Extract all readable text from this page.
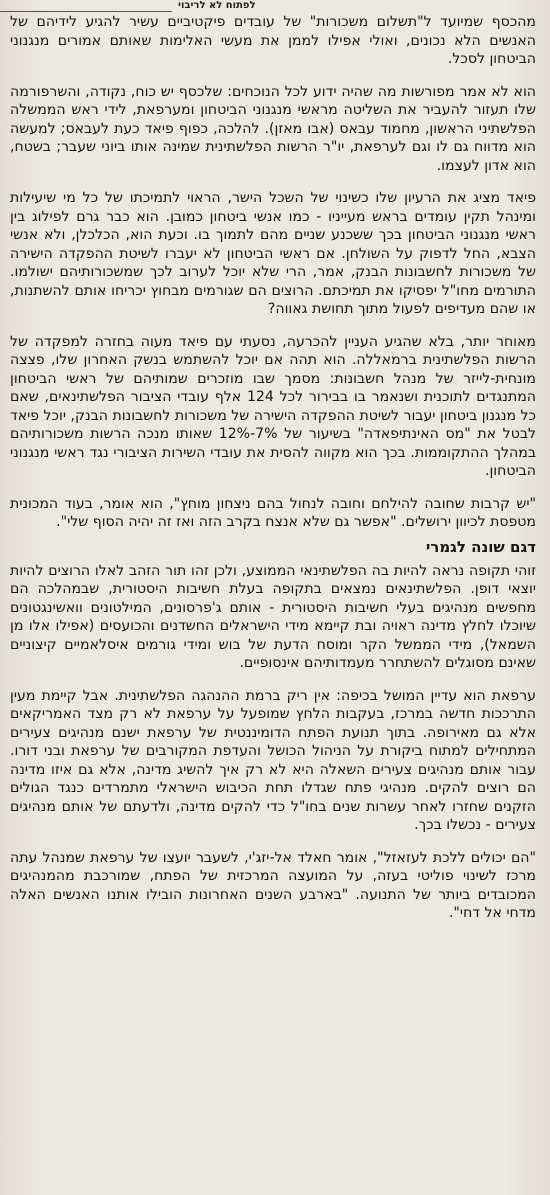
לפתוח לא לריבוי

מהכסף שמיועד ל"תשלום משכורות" של עובדים פיקטיביים עשיר להגיע לידיהם של האנשים הלא נכונים, ואולי אפילו לממן את מעשי האלימות שאותם אמורים מנגנוני הביטחון לסכל.

הוא לא אמר מפורשות מה שהיה ידוע לכל הנוכחים: שלכסף יש כוח, נקודה, והשרפורמה שלו תעזור להעביר את השליטה מראשי מנגנוני הביטחון ומערפאת, לידי ראש הממשלה הפלשתיני הראשון, מחמוד עבאס (אבו מאזן). להלכה, כפוף פיאד כעת לעבאס; למעשה הוא מדווח גם לו וגם לערפאת, יו"ר הרשות הפלשתינית שמינה אותו ביוני שעבר; בשטח, הוא אדון לעצמו.

פיאד מציג את הרעיון שלו כשינוי של השכל הישר, הראוי לתמיכתו של כל מי שיעילות ומינהל תקין עומדים בראש מעייניו - כמו אנשי ביטחון כמובן. הוא כבר גרם לפילוג בין ראשי מנגנוני הביטחון בכך ששכנע שניים מהם לתמוך בו. וכעת הוא, הכלכלן, ולא אנשי הצבא, החל לדפוק על השולחן. אם ראשי הביטחון לא יעברו לשיטת ההפקדה הישירה של משכורות לחשבונות הבנק, אמר, הרי שלא יוכל לערוב לכך שמשכורותיהם ישולמו. התורמים מחו"ל יפסיקו את תמיכתם. הרוצים הם שגורמים מבחוץ יכריחו אותם להשתנות, או שהם מעדיפים לפעול מתוך תחושת גאווה?

מאוחר יותר, בלא שהגיע העניין להכרעה, נסעתי עם פיאד מעוה בחזרה למפקדה של הרשות הפלשתינית ברמאללה. הוא תהה אם יוכל להשתמש בנשק האחרון שלו, פצצה מונחית-לייזר של מנהל חשבונות: מסמך שבו מוזכרים שמותיהם של ראשי הביטחון המתנגדים לתוכנית ושנאמר בו בבירור לכל 124 אלף עובדי הציבור הפלשתינאים, שאם כל מנגנון ביטחון יעבור לשיטת ההפקדה הישירה של משכורות לחשבונות הבנק, יוכל פיאד לבטל את "מס האינתיפאדה" בשיעור של 7%-12% שאותו מנכה הרשות משכורותיהם במהלך ההתקוממות. בכך הוא מקווה להסית את עובדי השירות הציבורי נגד ראשי מנגנוני הביטחון.

"יש קרבות שחובה להילחם וחובה לנחול בהם ניצחון מוחץ", הוא אומר, בעוד המכונית מטפסת לכיוון ירושלים. "אפשר גם שלא אנצח בקרב הזה ואז זה יהיה הסוף שלי".

דגם שונה לגמרי

זוהי תקופה נראה להיות בה הפלשתינאי הממוצע, ולכן זהו תור הזהב לאלו הרוצים להיות יוצאי דופן. הפלשתינאים נמצאים בתקופה בעלת חשיבות היסטורית, שבמהלכה הם מחפשים מנהיגים בעלי חשיבות היסטורית - אותם ג'פרסונים, המילטונים וואשינגטונים שיוכלו לחלץ מדינה ראויה ובת קיימא מידי הישראלים החשדנים והכועסים (אפילו אלו מן השמאל), מידי הממשל הקר ומוסח הדעת של בוש ומידי גורמים איסלאמיים קיצוניים שאינם מסוגלים להשתחרר מעמדותיהם אינסופיים.

ערפאת הוא עדיין המושל בכיפה: אין ריק ברמת ההנהגה הפלשתינית. אבל קיימת מעין התרככות חדשה במרכז, בעקבות הלחץ שמופעל על ערפאת לא רק מצד האמריקאים אלא גם מאירופה. בתוך תנועת הפתח הדומיננטית של ערפאת ישנם מנהיגים צעירים המתחילים למתוח ביקורת על הניהול הכושל והעדפת המקורבים של ערפאת ובני דורו. עבור אותם מנהיגים צעירים השאלה היא לא רק איך להשיג מדינה, אלא גם איזו מדינה הם רוצים להקים. מנהיגי פתח שגדלו תחת הכיבוש הישראלי מתמרדים כנגד הגולים הזקנים שחזרו לאחר עשרות שנים בחו"ל כדי להקים מדינה, ולדעתם של אותם מנהיגים צעירים - נכשלו בכך.

"הם יכולים ללכת לעזאזל", אומר חאלד אל-יזג'י, לשעבר יועצו של ערפאת שמנהל עתה מרכז לשינוי פוליטי בעזה, על המועצה המרכזית של הפתח, שמורכבת מהמנהיגים המכובדים ביותר של התנועה. "בארבע השנים האחרונות הובילו אותנו האנשים האלה מדחי אל דחי".
